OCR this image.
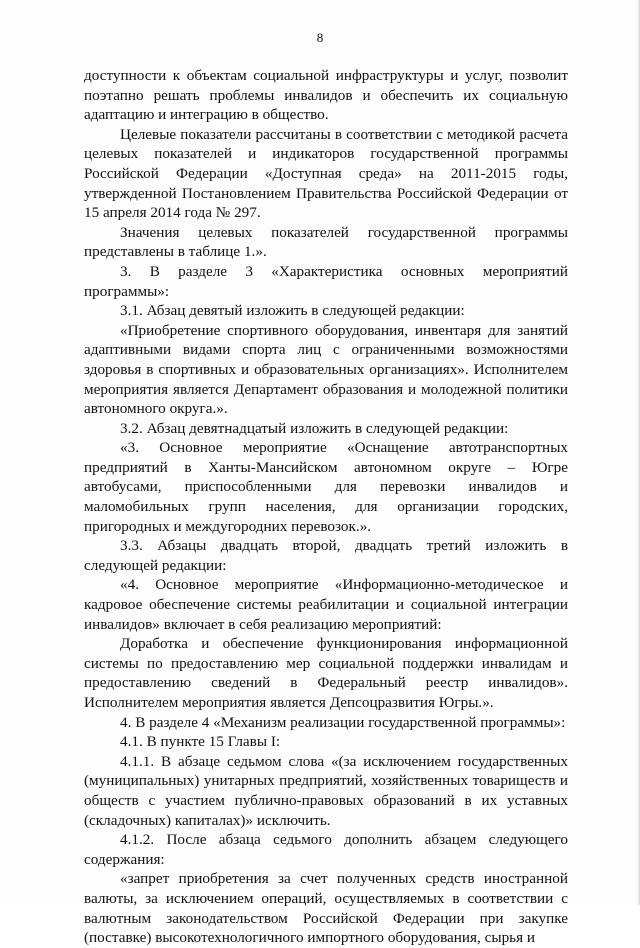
8

доступности к объектам социальной инфраструктуры и услуг, позволит поэтапно решать проблемы инвалидов и обеспечить их социальную адаптацию и интеграцию в общество.

Целевые показатели рассчитаны в соответствии с методикой расчета целевых показателей и индикаторов государственной программы Российской Федерации «Доступная среда» на 2011-2015 годы, утвержденной Постановлением Правительства Российской Федерации от 15 апреля 2014 года № 297.

Значения целевых показателей государственной программы представлены в таблице 1.».

3. В разделе 3 «Характеристика основных мероприятий программы»:

3.1. Абзац девятый изложить в следующей редакции:

«Приобретение спортивного оборудования, инвентаря для занятий адаптивными видами спорта лиц с ограниченными возможностями здоровья в спортивных и образовательных организациях». Исполнителем мероприятия является Департамент образования и молодежной политики автономного округа.».

3.2. Абзац девятнадцатый изложить в следующей редакции:

«3. Основное мероприятие «Оснащение автотранспортных предприятий в Ханты-Мансийском автономном округе – Югре автобусами, приспособленными для перевозки инвалидов и маломобильных групп населения, для организации городских, пригородных и междугородних перевозок.».

3.3. Абзацы двадцать второй, двадцать третий изложить в следующей редакции:

«4. Основное мероприятие «Информационно-методическое и кадровое обеспечение системы реабилитации и социальной интеграции инвалидов» включает в себя реализацию мероприятий:

Доработка и обеспечение функционирования информационной системы по предоставлению мер социальной поддержки инвалидам и предоставлению сведений в Федеральный реестр инвалидов». Исполнителем мероприятия является Депсоцразвития Югры.».

4. В разделе 4 «Механизм реализации государственной программы»:

4.1. В пункте 15 Главы I:

4.1.1. В абзаце седьмом слова «(за исключением государственных (муниципальных) унитарных предприятий, хозяйственных товариществ и обществ с участием публично-правовых образований в их уставных (складочных) капиталах)» исключить.

4.1.2. После абзаца седьмого дополнить абзацем следующего содержания:

«запрет приобретения за счет полученных средств иностранной валюты, за исключением операций, осуществляемых в соответствии с валютным законодательством Российской Федерации при закупке (поставке) высокотехнологичного импортного оборудования, сырья и
